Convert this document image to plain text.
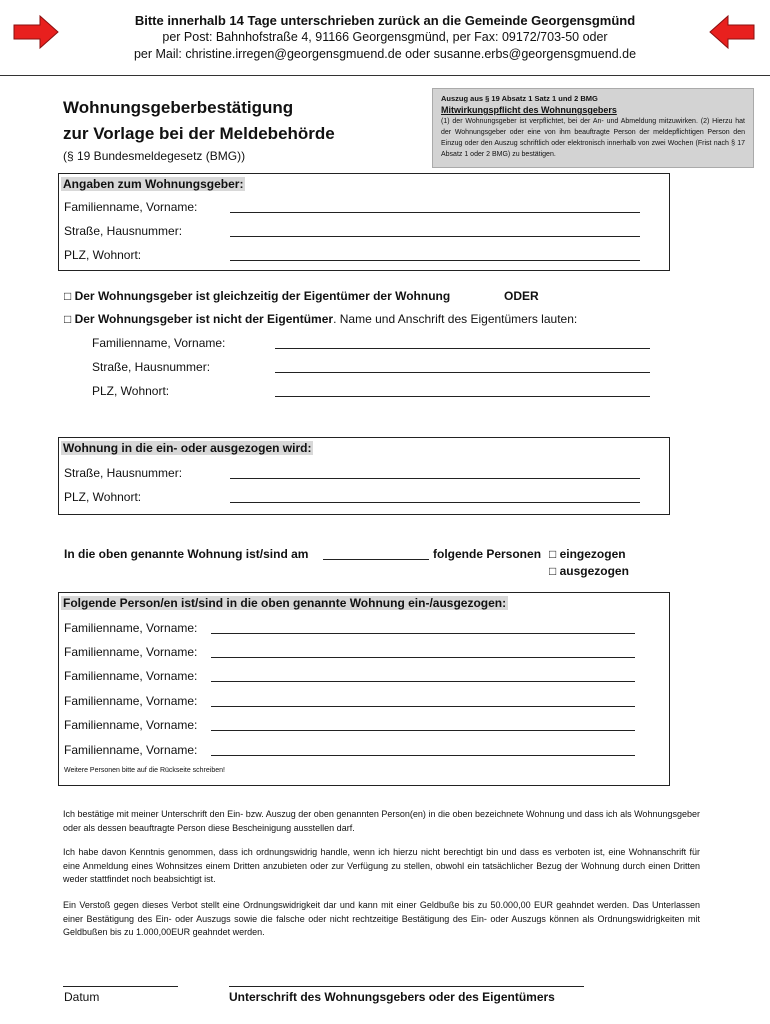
Bitte innerhalb 14 Tage unterschrieben zurück an die Gemeinde Georgensgmünd
per Post: Bahnhofstraße 4, 91166 Georgensgmünd, per Fax: 09172/703-50 oder
per Mail: christine.irregen@georgensgmuend.de oder susanne.erbs@georgensgmuend.de
Wohnungsgeberbestätigung
zur Vorlage bei der Meldebehörde
(§ 19 Bundesmeldegesetz (BMG))
Auszug aus § 19 Absatz 1 Satz 1 und 2 BMG
Mitwirkungspflicht des Wohnungsgebers
(1) der Wohnungsgeber ist verpflichtet, bei der An- und Abmeldung mitzuwirken. (2) Hierzu hat der Wohnungsgeber oder eine von ihm beauftragte Person der meldepflichtigen Person den Einzug oder den Auszug schriftlich oder elektronisch innerhalb von zwei Wochen (Frist nach § 17 Absatz 1 oder 2 BMG) zu bestätigen.
Angaben zum Wohnungsgeber:
Familienname, Vorname:
Straße, Hausnummer:
PLZ, Wohnort:
□ Der Wohnungsgeber ist gleichzeitig der Eigentümer der Wohnung	ODER
□ Der Wohnungsgeber ist nicht der Eigentümer. Name und Anschrift des Eigentümers lauten:
Familienname, Vorname:
Straße, Hausnummer:
PLZ, Wohnort:
Wohnung in die ein- oder ausgezogen wird:
Straße, Hausnummer:
PLZ, Wohnort:
In die oben genannte Wohnung ist/sind am	folgende Personen □ eingezogen
□ ausgezogen
Folgende Person/en ist/sind in die oben genannte Wohnung ein-/ausgezogen:
Familienname, Vorname:
Familienname, Vorname:
Familienname, Vorname:
Familienname, Vorname:
Familienname, Vorname:
Familienname, Vorname:
Weitere Personen bitte auf die Rückseite schreiben!
Ich bestätige mit meiner Unterschrift den Ein- bzw. Auszug der oben genannten Person(en) in die oben bezeichnete Wohnung und dass ich als Wohnungsgeber oder als dessen beauftragte Person diese Bescheinigung ausstellen darf.
Ich habe davon Kenntnis genommen, dass ich ordnungswidrig handle, wenn ich hierzu nicht berechtigt bin und dass es verboten ist, eine Wohnanschrift für eine Anmeldung eines Wohnsitzes einem Dritten anzubieten oder zur Verfügung zu stellen, obwohl ein tatsächlicher Bezug der Wohnung durch einen Dritten weder stattfindet noch beabsichtigt ist.
Ein Verstoß gegen dieses Verbot stellt eine Ordnungswidrigkeit dar und kann mit einer Geldbuße bis zu 50.000,00 EUR geahndet werden. Das Unterlassen einer Bestätigung des Ein- oder Auszugs sowie die falsche oder nicht rechtzeitige Bestätigung des Ein- oder Auszugs können als Ordnungswidrigkeiten mit Geldbußen bis zu 1.000,00EUR geahndet werden.
Datum	Unterschrift des Wohnungsgebers oder des Eigentümers
